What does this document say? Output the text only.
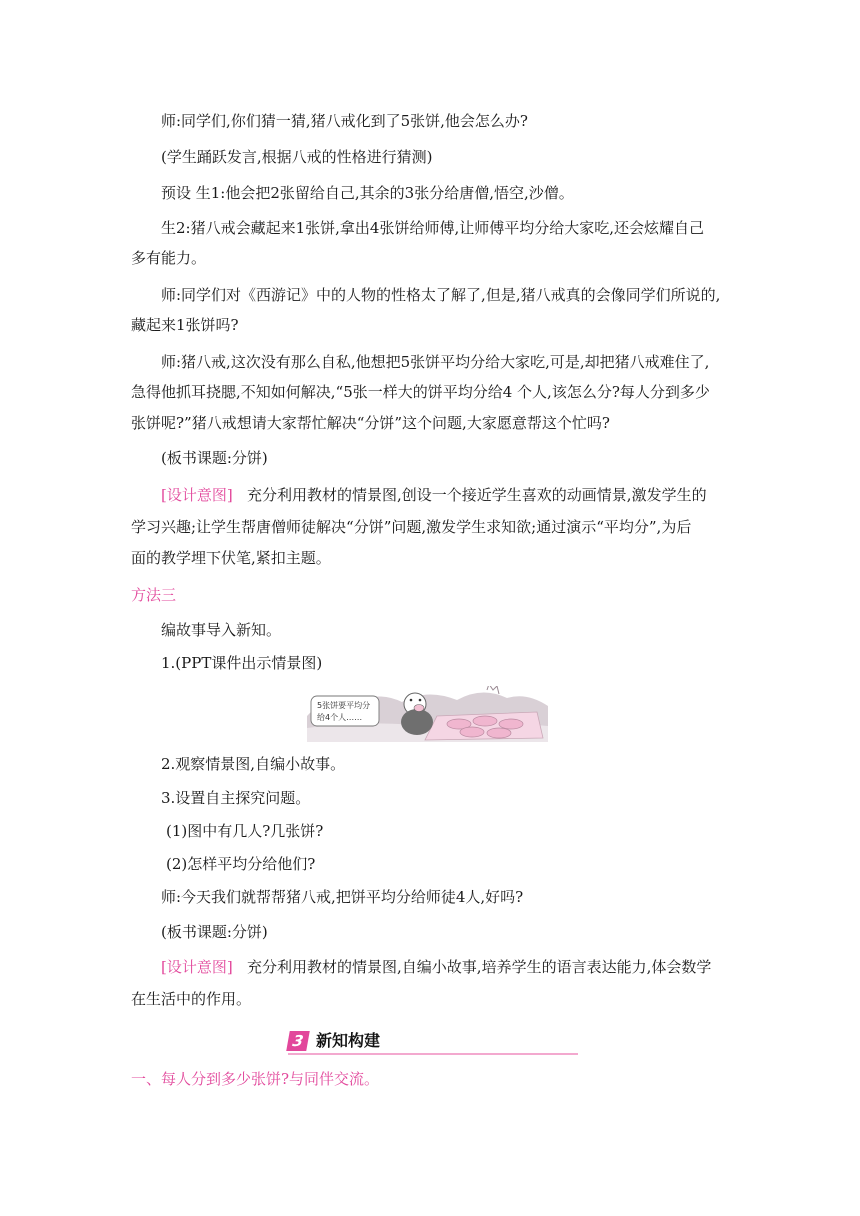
师:同学们,你们猜一猜,猪八戒化到了5张饼,他会怎么办?

(学生踊跃发言,根据八戒的性格进行猜测)

预设 生1:他会把2张留给自己,其余的3张分给唐僧,悟空,沙僧。

生2:猪八戒会藏起来1张饼,拿出4张饼给师傅,让师傅平均分给大家吃,还会炫耀自己

多有能力。

师:同学们对《西游记》中的人物的性格太了解了,但是,猪八戒真的会像同学们所说的,

藏起来1张饼吗?

师:猪八戒,这次没有那么自私,他想把5张饼平均分给大家吃,可是,却把猪八戒难住了,

急得他抓耳挠腮,不知如何解决,“5张一样大的饼平均分给4 个人,该怎么分?每人分到多少

张饼呢?”猪八戒想请大家帮忙解决“分饼”这个问题,大家愿意帮这个忙吗?

(板书课题:分饼)

[设计意图] 充分利用教材的情景图,创设一个接近学生喜欢的动画情景,激发学生的

学习兴趣;让学生帮唐僧师徒解决“分饼”问题,激发学生求知欲;通过演示“平均分”,为后

面的教学埋下伏笔,紧扣主题。

方法三

编故事导入新知。

1.(PPT课件出示情景图)

5张饼要平均分
给4个人……

2.观察情景图,自编小故事。

3.设置自主探究问题。

(1)图中有几人?几张饼?

(2)怎样平均分给他们?

师:今天我们就帮帮猪八戒,把饼平均分给师徒4人,好吗?

(板书课题:分饼)

[设计意图] 充分利用教材的情景图,自编小故事,培养学生的语言表达能力,体会数学

在生活中的作用。

3 新知构建

一、每人分到多少张饼?与同伴交流。
